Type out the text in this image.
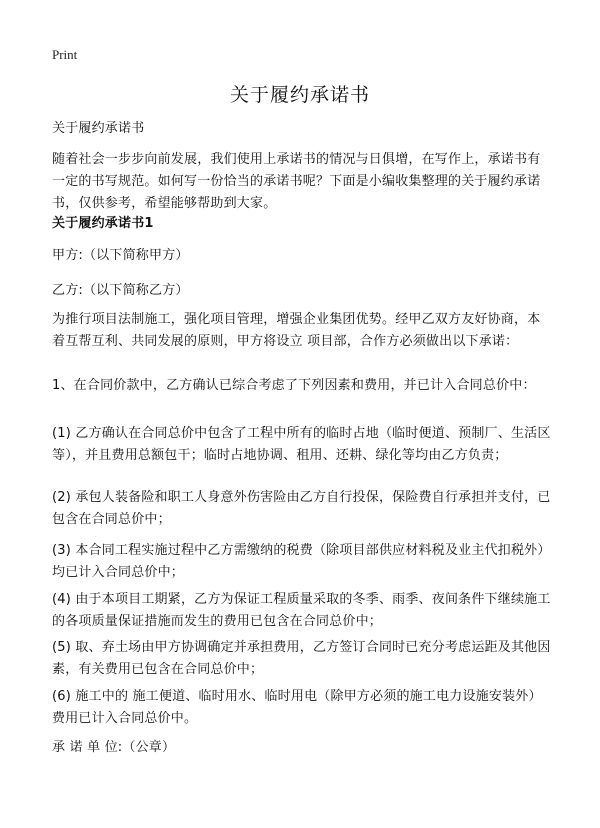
Print
关于履约承诺书

关于履约承诺书

随着社会一步步向前发展，我们使用上承诺书的情况与日俱增，在写作上，承诺书有一定的书写规范。如何写一份恰当的承诺书呢？下面是小编收集整理的关于履约承诺书，仅供参考，希望能够帮助到大家。

关于履约承诺书1

甲方:（以下简称甲方）

乙方:（以下简称乙方）

为推行项目法制施工，强化项目管理，增强企业集团优势。经甲乙双方友好协商，本着互帮互利、共同发展的原则，甲方将设立 项目部，合作方必须做出以下承诺：

1、在合同价款中，乙方确认已综合考虑了下列因素和费用，并已计入合同总价中：

(1) 乙方确认在合同总价中包含了工程中所有的临时占地（临时便道、预制厂、生活区等），并且费用总额包干；临时占地协调、租用、还耕、绿化等均由乙方负责；

(2) 承包人装备险和职工人身意外伤害险由乙方自行投保，保险费自行承担并支付，已包含在合同总价中；

(3) 本合同工程实施过程中乙方需缴纳的税费（除项目部供应材料税及业主代扣税外）均已计入合同总价中；

(4) 由于本项目工期紧，乙方为保证工程质量采取的冬季、雨季、夜间条件下继续施工的各项质量保证措施而发生的费用已包含在合同总价中；

(5) 取、弃土场由甲方协调确定并承担费用，乙方签订合同时已充分考虑运距及其他因素，有关费用已包含在合同总价中；

(6) 施工中的 施工便道、临时用水、临时用电（除甲方必须的施工电力设施安装外）费用已计入合同总价中。

承 诺 单 位:（公章）
